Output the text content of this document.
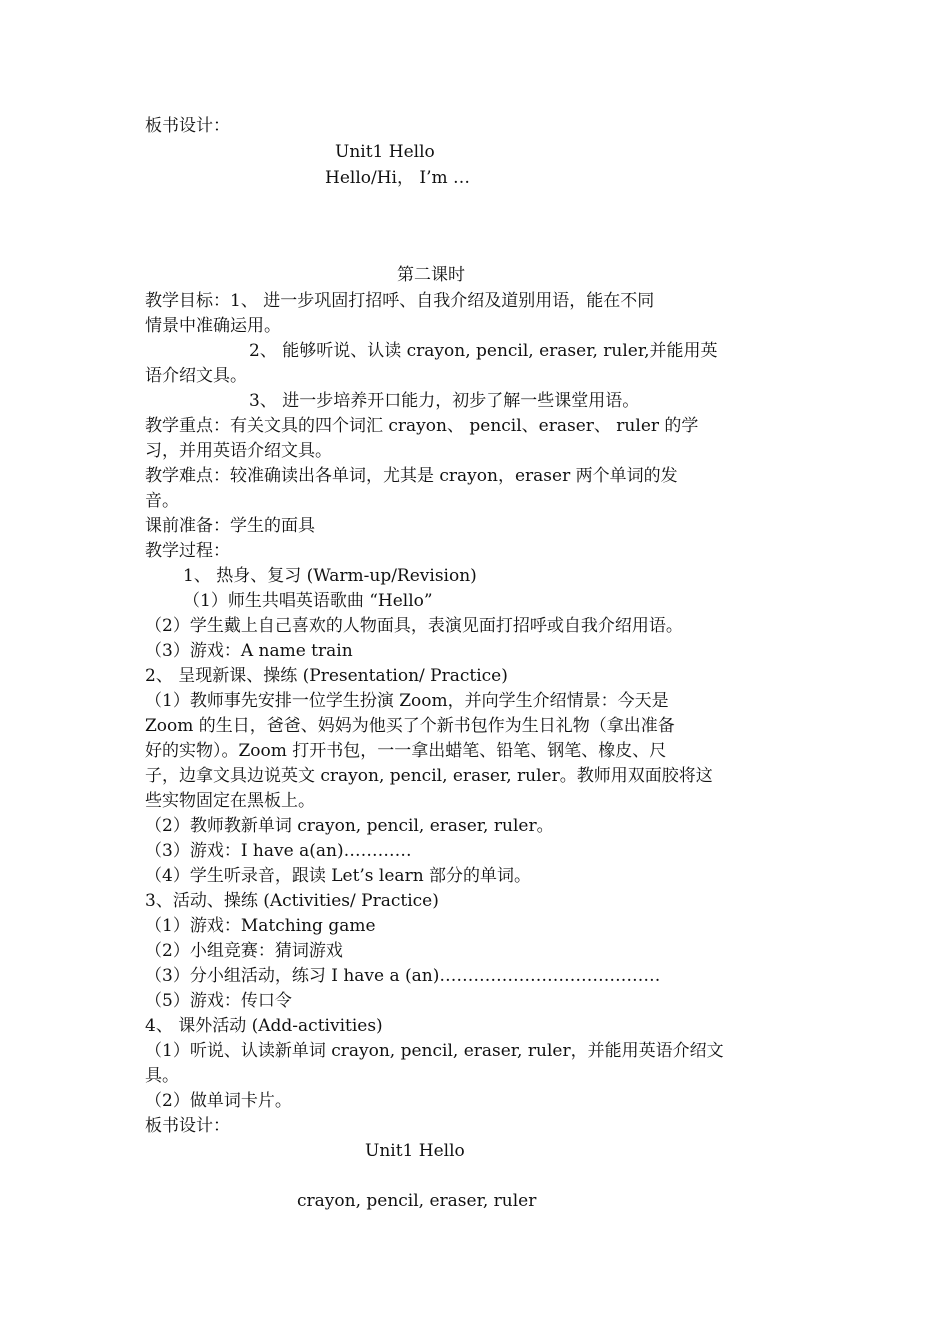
板书设计：
Unit1 Hello
Hello/Hi， I’m …
第二课时
教学目标：1、 进一步巩固打招呼、自我介绍及道别用语，能在不同
情景中准确运用。
2、 能够听说、认读 crayon, pencil, eraser, ruler,并能用英
语介绍文具。
3、 进一步培养开口能力，初步了解一些课堂用语。
教学重点：有关文具的四个词汇 crayon、 pencil、eraser、 ruler 的学
习，并用英语介绍文具。
教学难点：较准确读出各单词，尤其是 crayon，eraser 两个单词的发
音。
课前准备：学生的面具
教学过程：
1、 热身、复习 (Warm-up/Revision)
（1）师生共唱英语歌曲 “Hello”
（2）学生戴上自己喜欢的人物面具，表演见面打招呼或自我介绍用语。
（3）游戏：A name train
2、 呈现新课、操练 (Presentation/ Practice)
（1）教师事先安排一位学生扮演 Zoom，并向学生介绍情景：今天是
Zoom 的生日，爸爸、妈妈为他买了个新书包作为生日礼物（拿出准备
好的实物）。Zoom 打开书包，一一拿出蜡笔、铅笔、钢笔、橡皮、尺
子，边拿文具边说英文 crayon, pencil, eraser, ruler。教师用双面胶将这
些实物固定在黑板上。
（2）教师教新单词 crayon, pencil, eraser, ruler。
（3）游戏：I have a(an)…………
（4）学生听录音，跟读 Let’s learn 部分的单词。
3、活动、操练 (Activities/ Practice)
（1）游戏：Matching game
（2）小组竞赛：猜词游戏
（3）分小组活动，练习 I have a (an)…………………………………
（5）游戏：传口令
4、 课外活动 (Add-activities)
（1）听说、认读新单词 crayon, pencil, eraser, ruler，并能用英语介绍文
具。
（2）做单词卡片。
板书设计：
Unit1 Hello
crayon, pencil, eraser, ruler
